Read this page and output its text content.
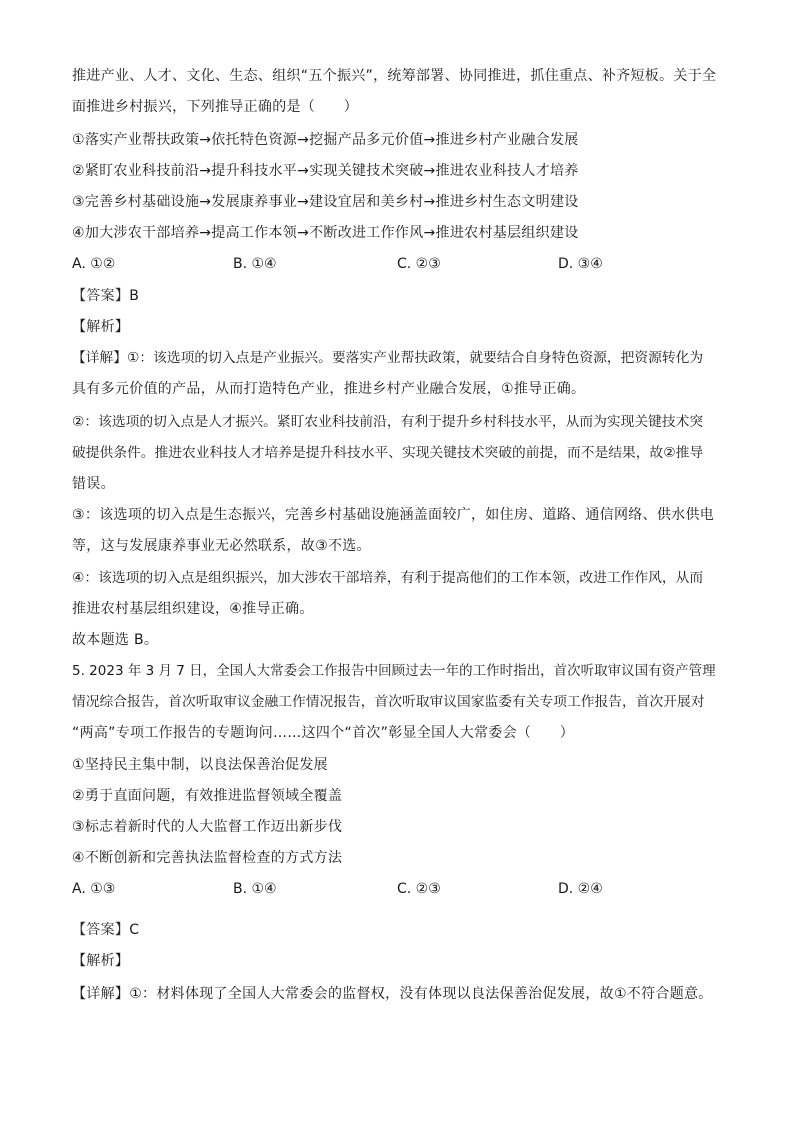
推进产业、人才、文化、生态、组织“五个振兴”，统筹部署、协同推进，抓住重点、补齐短板。关于全
面推进乡村振兴，下列推导正确的是（　　）
①落实产业帮扶政策→依托特色资源→挖掘产品多元价值→推进乡村产业融合发展
②紧盯农业科技前沿→提升科技水平→实现关键技术突破→推进农业科技人才培养
③完善乡村基础设施→发展康养事业→建设宜居和美乡村→推进乡村生态文明建设
④加大涉农干部培养→提高工作本领→不断改进工作作风→推进农村基层组织建设
A. ①②	B. ①④	C. ②③	D. ③④
【答案】B
【解析】
【详解】①：该选项的切入点是产业振兴。要落实产业帮扶政策，就要结合自身特色资源，把资源转化为
具有多元价值的产品，从而打造特色产业，推进乡村产业融合发展，①推导正确。
②：该选项的切入点是人才振兴。紧盯农业科技前沿，有利于提升乡村科技水平，从而为实现关键技术突
破提供条件。推进农业科技人才培养是提升科技水平、实现关键技术突破的前提，而不是结果，故②推导
错误。
③：该选项的切入点是生态振兴，完善乡村基础设施涵盖面较广，如住房、道路、通信网络、供水供电
等，这与发展康养事业无必然联系，故③不选。
④：该选项的切入点是组织振兴，加大涉农干部培养，有利于提高他们的工作本领，改进工作作风，从而
推进农村基层组织建设，④推导正确。
故本题选 B。
5. 2023 年 3 月 7 日，全国人大常委会工作报告中回顾过去一年的工作时指出，首次听取审议国有资产管理
情况综合报告，首次听取审议金融工作情况报告，首次听取审议国家监委有关专项工作报告，首次开展对
“两高”专项工作报告的专题询问……这四个“首次”彰显全国人大常委会（　　）
①坚持民主集中制，以良法保善治促发展
②勇于直面问题，有效推进监督领域全覆盖
③标志着新时代的人大监督工作迈出新步伐
④不断创新和完善执法监督检查的方式方法
A. ①③	B. ①④	C. ②③	D. ②④
【答案】C
【解析】
【详解】①：材料体现了全国人大常委会的监督权，没有体现以良法保善治促发展，故①不符合题意。
